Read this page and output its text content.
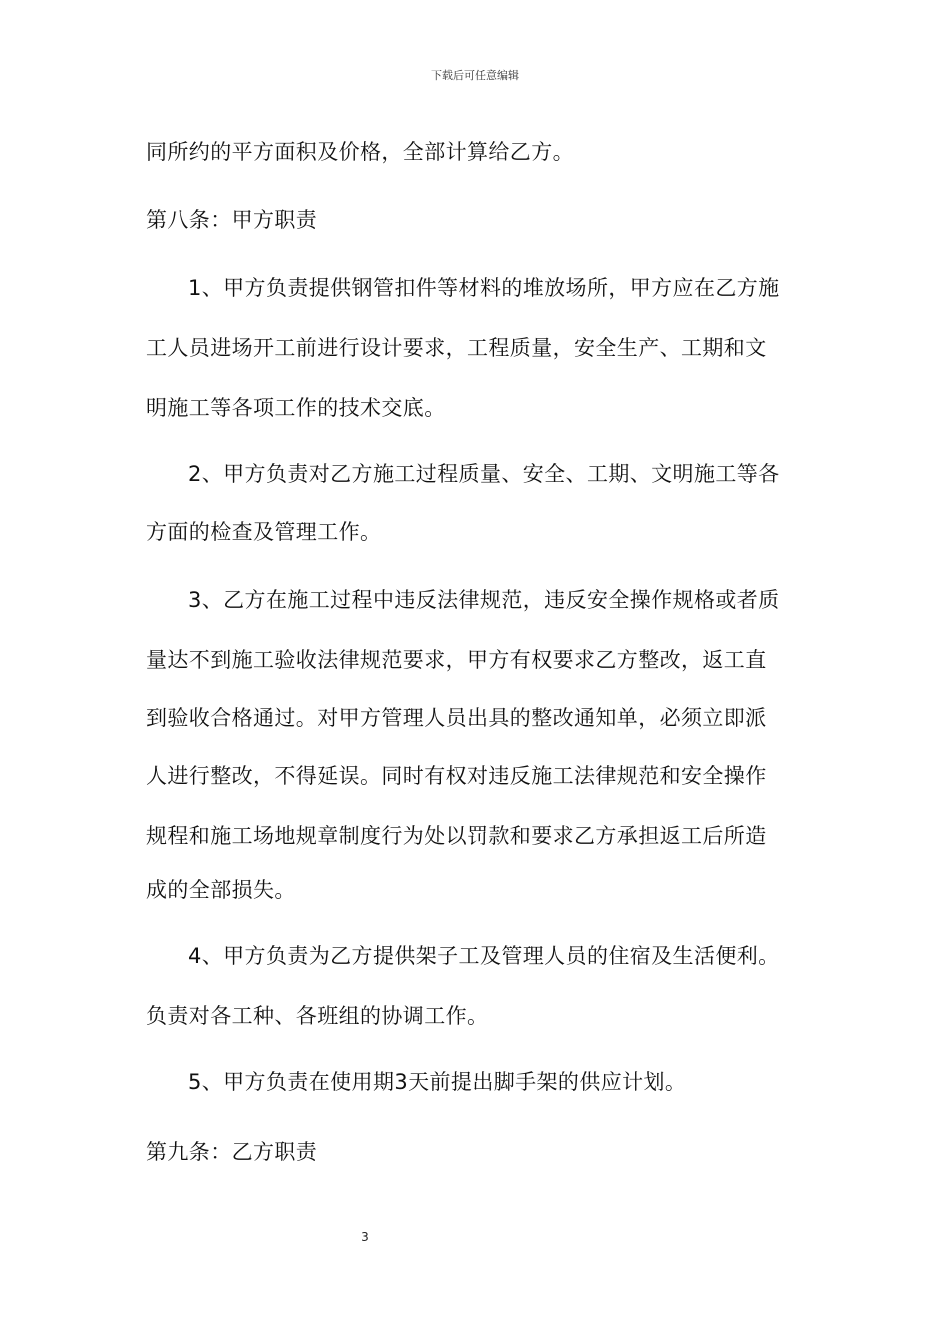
下载后可任意编辑
同所约的平方面积及价格，全部计算给乙方。
第八条：甲方职责
1、甲方负责提供钢管扣件等材料的堆放场所，甲方应在乙方施
工人员进场开工前进行设计要求，工程质量，安全生产、工期和文
明施工等各项工作的技术交底。
2、甲方负责对乙方施工过程质量、安全、工期、文明施工等各
方面的检查及管理工作。
3、乙方在施工过程中违反法律规范，违反安全操作规格或者质
量达不到施工验收法律规范要求，甲方有权要求乙方整改，返工直
到验收合格通过。对甲方管理人员出具的整改通知单，必须立即派
人进行整改，不得延误。同时有权对违反施工法律规范和安全操作
规程和施工场地规章制度行为处以罚款和要求乙方承担返工后所造
成的全部损失。
4、甲方负责为乙方提供架子工及管理人员的住宿及生活便利。
负责对各工种、各班组的协调工作。
5、甲方负责在使用期3天前提出脚手架的供应计划。
第九条：乙方职责
3
